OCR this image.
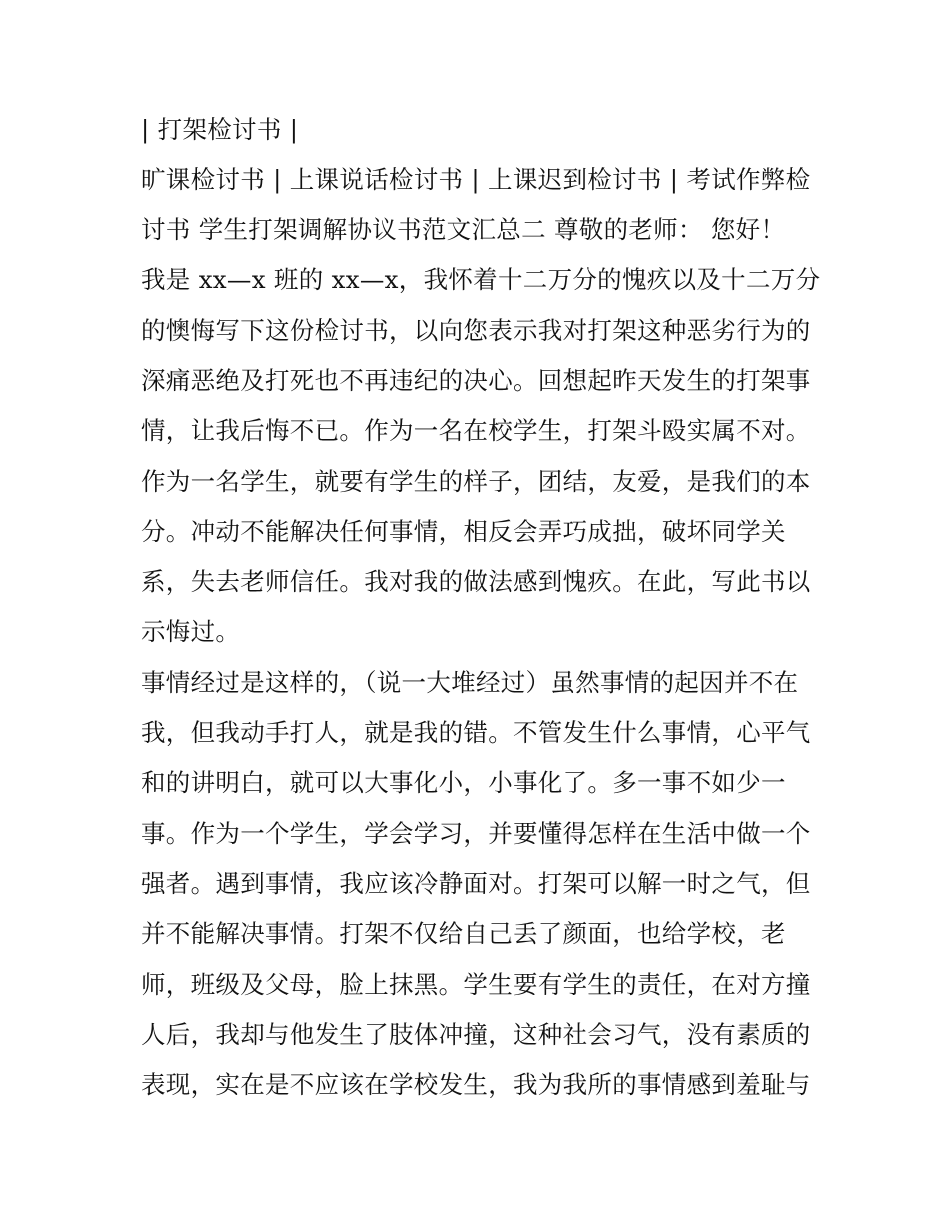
| 打架检讨书 |
旷课检讨书 | 上课说话检讨书 | 上课迟到检讨书 | 考试作弊检
讨书 学生打架调解协议书范文汇总二 尊敬的老师： 您好！
我是 xx—x 班的 xx—x，我怀着十二万分的愧疚以及十二万分
的懊悔写下这份检讨书，以向您表示我对打架这种恶劣行为的
深痛恶绝及打死也不再违纪的决心。回想起昨天发生的打架事
情，让我后悔不已。作为一名在校学生，打架斗殴实属不对。
作为一名学生，就要有学生的样子，团结，友爱，是我们的本
分。冲动不能解决任何事情，相反会弄巧成拙，破坏同学关
系，失去老师信任。我对我的做法感到愧疚。在此，写此书以
示悔过。
事情经过是这样的，（说一大堆经过）虽然事情的起因并不在
我，但我动手打人，就是我的错。不管发生什么事情，心平气
和的讲明白，就可以大事化小，小事化了。多一事不如少一
事。作为一个学生，学会学习，并要懂得怎样在生活中做一个
强者。遇到事情，我应该冷静面对。打架可以解一时之气，但
并不能解决事情。打架不仅给自己丢了颜面，也给学校，老
师，班级及父母，脸上抹黑。学生要有学生的责任，在对方撞
人后，我却与他发生了肢体冲撞，这种社会习气，没有素质的
表现，实在是不应该在学校发生，我为我所的事情感到羞耻与
